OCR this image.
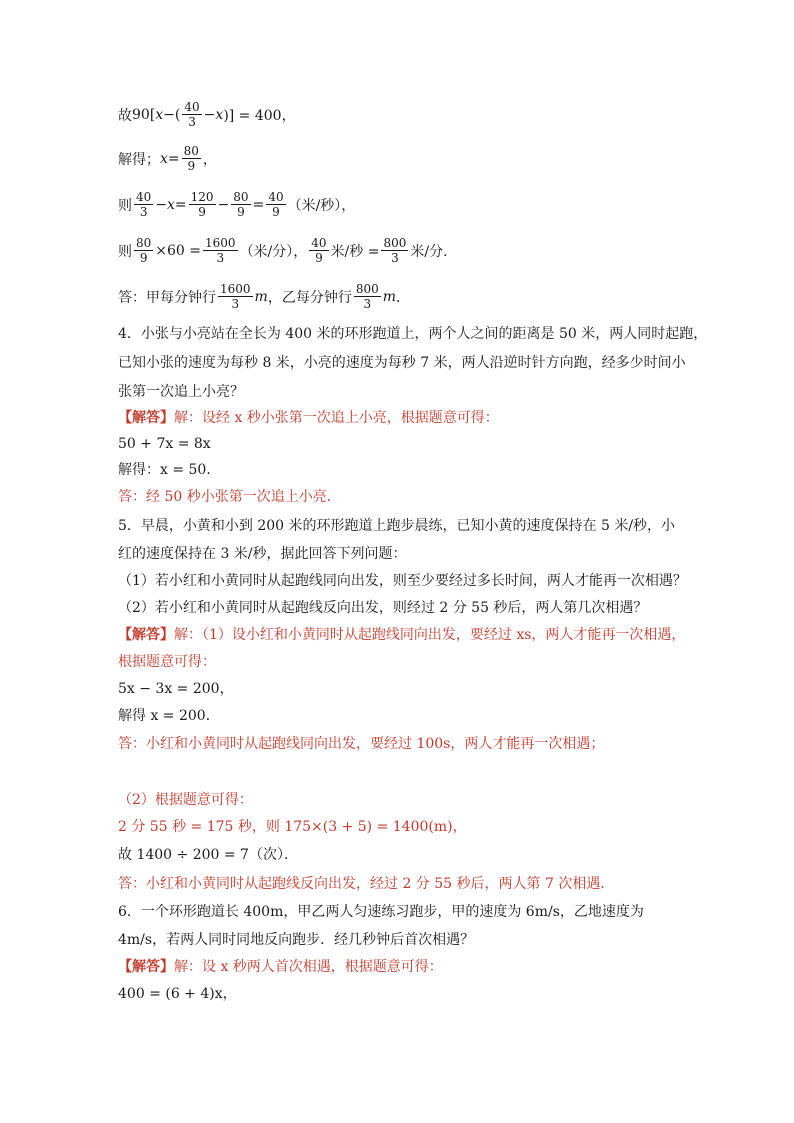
故 90[ x −( $\frac{40}{3} - x$ )] = 400，
解得； $x = \frac{80}{9}$ ，
则 $\frac{40}{3} - x = \frac{120}{9} - \frac{80}{9} = \frac{40}{9}$ （米/秒），
则 $\frac{80}{9} \times 60 = \frac{1600}{3}$ （米/分）， $\frac{40}{9}$ 米/秒 = $\frac{800}{3}$ 米/分．
答：甲每分钟行 $\frac{1600}{3}$ m ，乙每分钟行 $\frac{800}{3}$ m ．
4．小张与小亮站在全长为 400 米的环形跑道上，两个人之间的距离是 50 米，两人同时起跑，
已知小张的速度为每秒 8 米，小亮的速度为每秒 7 米，两人沿逆时针方向跑，经多少时间小
张第一次追上小亮？
【解答】解：设经 x 秒小张第一次追上小亮，根据题意可得：
50 + 7x = 8x
解得：x = 50．
答：经 50 秒小张第一次追上小亮．
5．早晨，小黄和小到 200 米的环形跑道上跑步晨练，已知小黄的速度保持在 5 米/秒，小
红的速度保持在 3 米/秒，据此回答下列问题：
（1）若小红和小黄同时从起跑线同向出发，则至少要经过多长时间，两人才能再一次相遇？
（2）若小红和小黄同时从起跑线反向出发，则经过 2 分 55 秒后，两人第几次相遇？
【解答】解：（1）设小红和小黄同时从起跑线同向出发，要经过 xs，两人才能再一次相遇，
根据题意可得：
5x − 3x = 200，
解得 x = 200．
答：小红和小黄同时从起跑线同向出发，要经过 100s，两人才能再一次相遇；
（2）根据题意可得：
2 分 55 秒 = 175 秒，则 175×(3 + 5) = 1400(m)，
故 1400 ÷ 200 = 7（次）．
答：小红和小黄同时从起跑线反向出发，经过 2 分 55 秒后，两人第 7 次相遇．
6．一个环形跑道长 400m，甲乙两人匀速练习跑步，甲的速度为 6m/s，乙地速度为
4m/s，若两人同时同地反向跑步．经几秒钟后首次相遇？
【解答】解：设 x 秒两人首次相遇，根据题意可得：
400 = (6 + 4)x，
